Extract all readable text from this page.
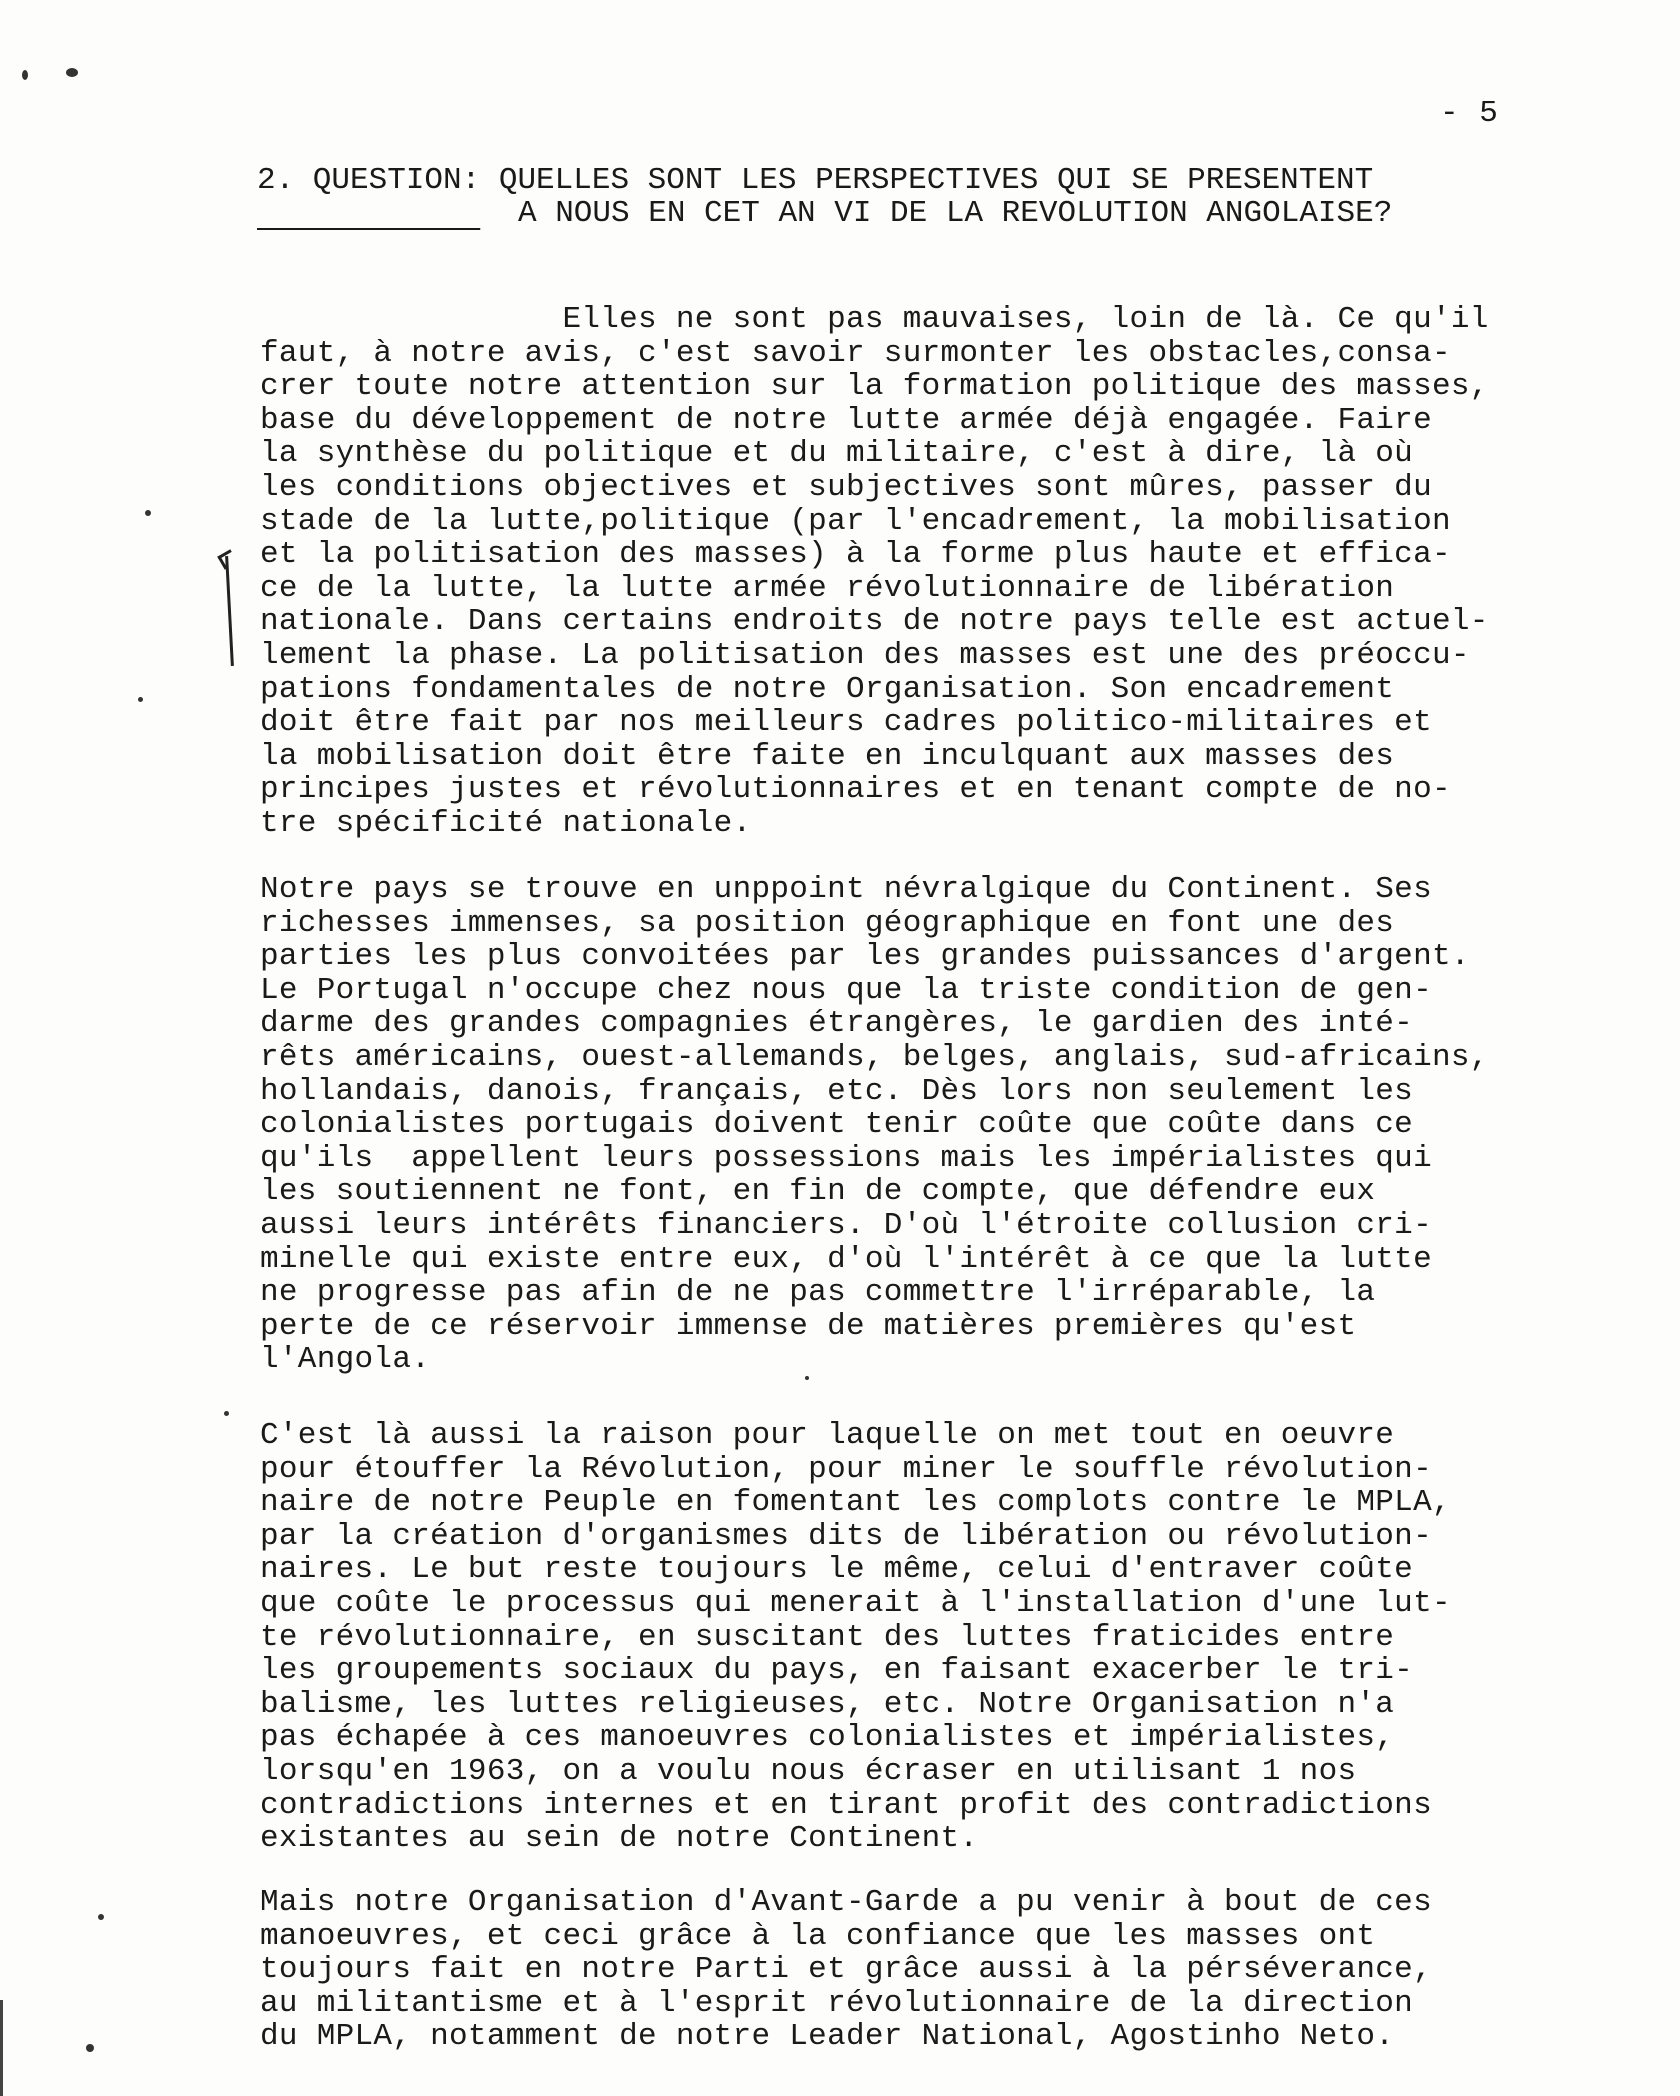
- 5
2. QUESTION: QUELLES SONT LES PERSPECTIVES QUI SE PRESENTENT
A NOUS EN CET AN VI DE LA REVOLUTION ANGOLAISE?
Elles ne sont pas mauvaises, loin de là. Ce qu'il
faut, à notre avis, c'est savoir surmonter les obstacles,consa-
crer toute notre attention sur la formation politique des masses,
base du développement de notre lutte armée déjà engagée. Faire
la synthèse du politique et du militaire, c'est à dire, là où
les conditions objectives et subjectives sont mûres, passer du
stade de la lutte,politique (par l'encadrement, la mobilisation
et la politisation des masses) à la forme plus haute et effica-
ce de la lutte, la lutte armée révolutionnaire de libération
nationale. Dans certains endroits de notre pays telle est actuel-
lement la phase. La politisation des masses est une des préoccu-
pations fondamentales de notre Organisation. Son encadrement
doit être fait par nos meilleurs cadres politico-militaires et
la mobilisation doit être faite en inculquant aux masses des
principes justes et révolutionnaires et en tenant compte de no-
tre spécificité nationale.
Notre pays se trouve en unppoint névralgique du Continent. Ses
richesses immenses, sa position géographique en font une des
parties les plus convoitées par les grandes puissances d'argent.
Le Portugal n'occupe chez nous que la triste condition de gen-
darme des grandes compagnies étrangères, le gardien des inté-
rêts américains, ouest-allemands, belges, anglais, sud-africains,
hollandais, danois, français, etc. Dès lors non seulement les
colonialistes portugais doivent tenir coûte que coûte dans ce
qu'ils  appellent leurs possessions mais les impérialistes qui
les soutiennent ne font, en fin de compte, que défendre eux
aussi leurs intérêts financiers. D'où l'étroite collusion cri-
minelle qui existe entre eux, d'où l'intérêt à ce que la lutte
ne progresse pas afin de ne pas commettre l'irréparable, la
perte de ce réservoir immense de matières premières qu'est
l'Angola.
C'est là aussi la raison pour laquelle on met tout en oeuvre
pour étouffer la Révolution, pour miner le souffle révolution-
naire de notre Peuple en fomentant les complots contre le MPLA,
par la création d'organismes dits de libération ou révolution-
naires. Le but reste toujours le même, celui d'entraver coûte
que coûte le processus qui menerait à l'installation d'une lut-
te révolutionnaire, en suscitant des luttes fraticides entre
les groupements sociaux du pays, en faisant exacerber le tri-
balisme, les luttes religieuses, etc. Notre Organisation n'a
pas échapée à ces manoeuvres colonialistes et impérialistes,
lorsqu'en 1963, on a voulu nous écraser en utilisant 1 nos
contradictions internes et en tirant profit des contradictions
existantes au sein de notre Continent.
Mais notre Organisation d'Avant-Garde a pu venir à bout de ces
manoeuvres, et ceci grâce à la confiance que les masses ont
toujours fait en notre Parti et grâce aussi à la pérséverance,
au militantisme et à l'esprit révolutionnaire de la direction
du MPLA, notamment de notre Leader National, Agostinho Neto.
